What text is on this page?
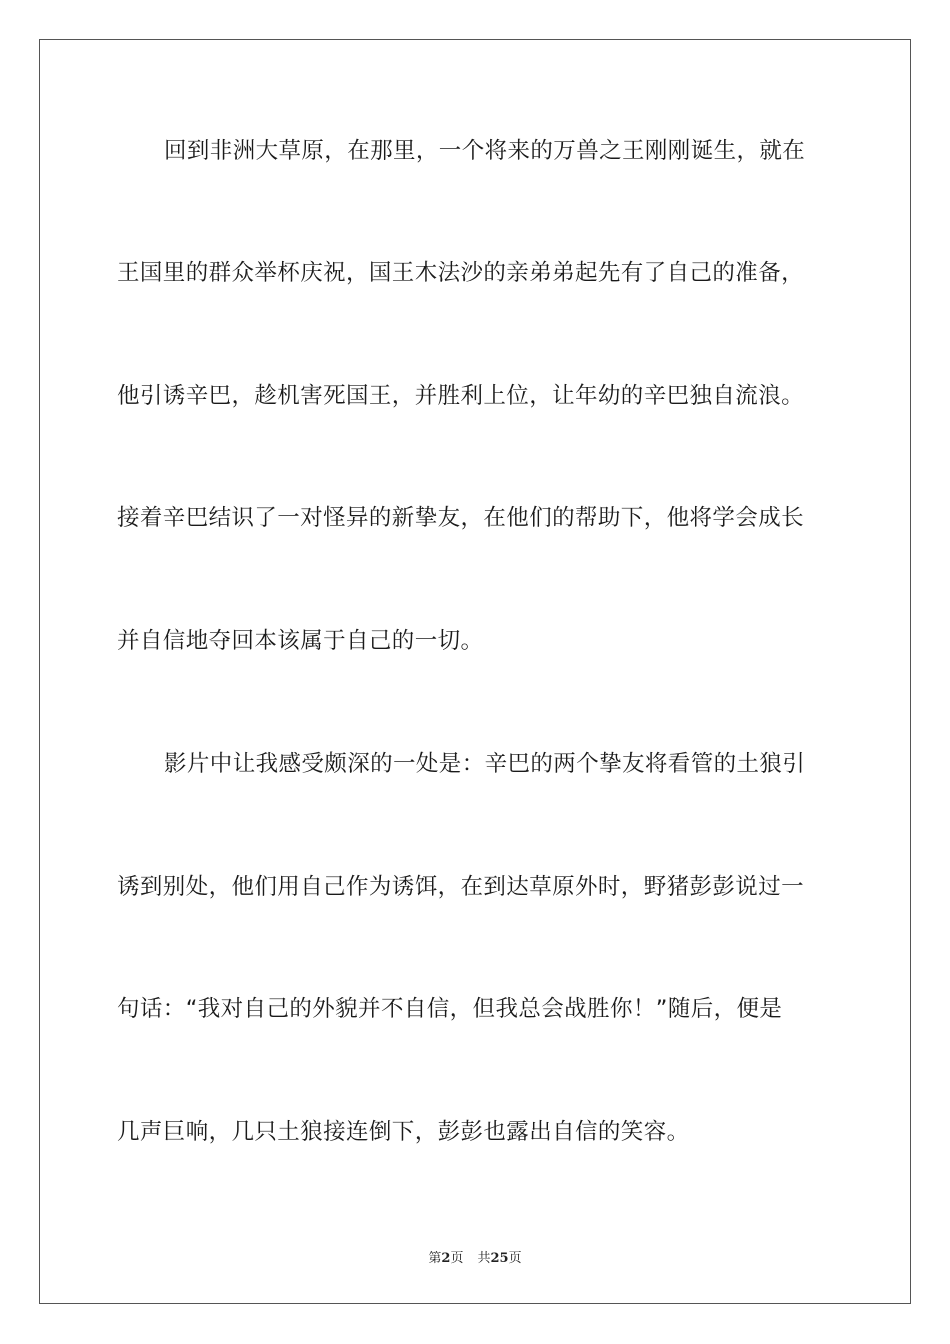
回到非洲大草原，在那里，一个将来的万兽之王刚刚诞生，就在
王国里的群众举杯庆祝，国王木法沙的亲弟弟起先有了自己的准备，
他引诱辛巴，趁机害死国王，并胜利上位，让年幼的辛巴独自流浪。
接着辛巴结识了一对怪异的新挚友，在他们的帮助下，他将学会成长
并自信地夺回本该属于自己的一切。
影片中让我感受颇深的一处是：辛巴的两个挚友将看管的土狼引
诱到别处，他们用自己作为诱饵，在到达草原外时，野猪彭彭说过一
句话：“我对自己的外貌并不自信，但我总会战胜你！”随后，便是
几声巨响，几只土狼接连倒下，彭彭也露出自信的笑容。
第2页 共25页
